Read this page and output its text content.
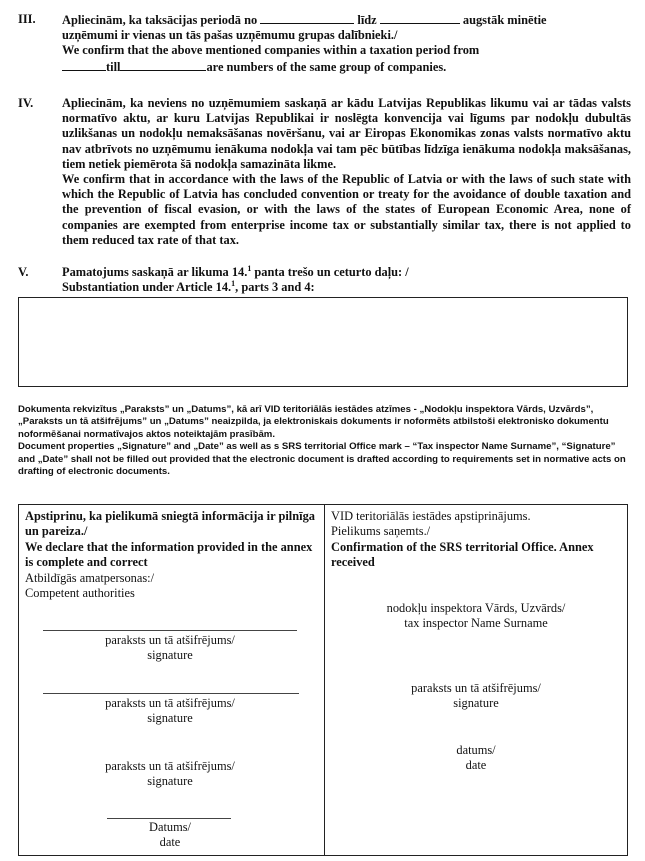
III.	Apliecinām, ka taksācijas periodā no	līdz	augstāk minētie
uzņēmumi ir vienas un tās pašas uzņēmumu grupas dalībnieki./
We confirm that the above mentioned companies within a taxation period from
till	are numbers of the same group of companies.
IV.	Apliecinām, ka neviens no uzņēmumiem saskaņā ar kādu Latvijas Republikas likumu vai ar tādas valsts normatīvo aktu, ar kuru Latvijas Republikai ir noslēgta konvencija vai līgums par nodokļu dubultās uzlikšanas un nodokļu nemaksāšanas novēršanu, vai ar Eiropas Ekonomikas zonas valsts normatīvo aktu nav atbrīvots no uzņēmumu ienākuma nodokļa vai tam pēc būtības līdzīga ienākuma nodokļa maksāšanas, tiem netiek piemērota šā nodokļa samazināta likme.
We confirm that in accordance with the laws of the Republic of Latvia or with the laws of such state with which the Republic of Latvia has concluded convention or treaty for the avoidance of double taxation and the prevention of fiscal evasion, or with the laws of the states of European Economic Area, none of companies are exempted from enterprise income tax or substantially similar tax, there is not applied to them reduced tax rate of that tax.
V.	Pamatojums saskaņā ar likuma 14.$^1$ panta trešo un ceturto daļu: /
Substantiation under Article 14.$^1$, parts 3 and 4:
Dokumenta rekvizītus „Paraksts” un „Datums”, kā arī VID teritoriālās iestādes atzīmes - „Nodokļu inspektora Vārds, Uzvārds”, „Paraksts un tā atšifrējums” un „Datums” neaizpilda, ja elektroniskais dokuments ir noformēts atbilstoši elektronisko dokumentu noformēšanai normatīvajos aktos noteiktajām prasībām.
Document properties „Signature” and „Date” as well as s SRS territorial Office mark – “Tax inspector Name Surname”, “Signature” and „Date” shall not be filled out provided that the electronic document is drafted according to requirements set in normative acts on drafting of electronic documents.
Apstiprinu, ka pielikumā sniegtā informācija ir pilnīga un pareiza./
We declare that the information provided in the annex is complete and correct
Atbildīgās amatpersonas:/
Competent authorities
paraksts un tā atšifrējums/
signature
paraksts un tā atšifrējums/
signature
paraksts un tā atšifrējums/
signature
Datums/
date
VID teritoriālās iestādes apstiprinājums.
Pielikums saņemts./
Confirmation of the SRS territorial Office. Annex received
nodokļu inspektora Vārds, Uzvārds/
tax inspector Name Surname
paraksts un tā atšifrējums/
signature
datums/
date
